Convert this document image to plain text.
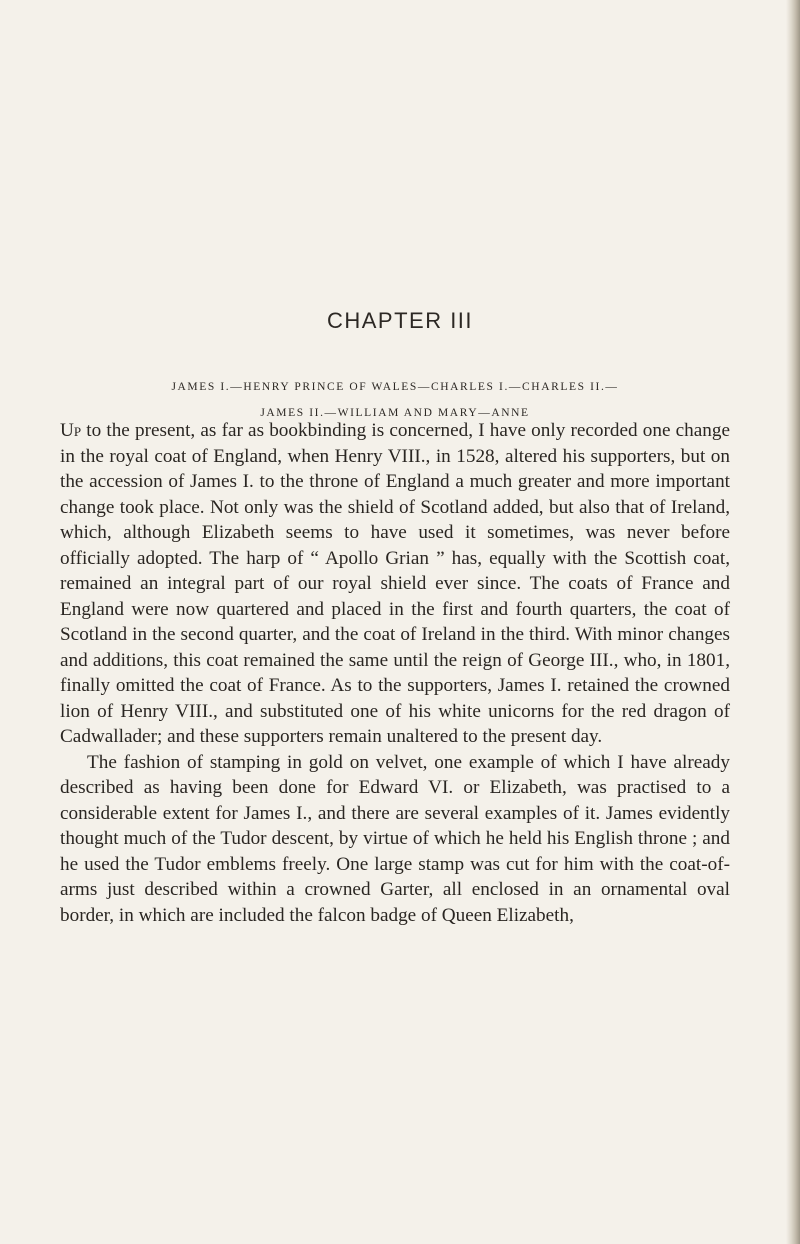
CHAPTER III
JAMES I.—HENRY PRINCE OF WALES—CHARLES I.—CHARLES II.—
JAMES II.—WILLIAM AND MARY—ANNE

Up to the present, as far as bookbinding is concerned, I have only recorded one change in the royal coat of England, when Henry VIII., in 1528, altered his supporters, but on the accession of James I. to the throne of England a much greater and more important change took place. Not only was the shield of Scotland added, but also that of Ireland, which, although Elizabeth seems to have used it sometimes, was never before officially adopted. The harp of “ Apollo Grian ” has, equally with the Scottish coat, remained an integral part of our royal shield ever since. The coats of France and England were now quartered and placed in the first and fourth quarters, the coat of Scotland in the second quarter, and the coat of Ireland in the third. With minor changes and additions, this coat remained the same until the reign of George III., who, in 1801, finally omitted the coat of France. As to the supporters, James I. retained the crowned lion of Henry VIII., and substituted one of his white unicorns for the red dragon of Cadwallader; and these supporters remain unaltered to the present day.

The fashion of stamping in gold on velvet, one example of which I have already described as having been done for Edward VI. or Elizabeth, was practised to a considerable extent for James I., and there are several examples of it. James evidently thought much of the Tudor descent, by virtue of which he held his English throne ; and he used the Tudor emblems freely. One large stamp was cut for him with the coat-of-arms just described within a crowned Garter, all enclosed in an ornamental oval border, in which are included the falcon badge of Queen Elizabeth,
